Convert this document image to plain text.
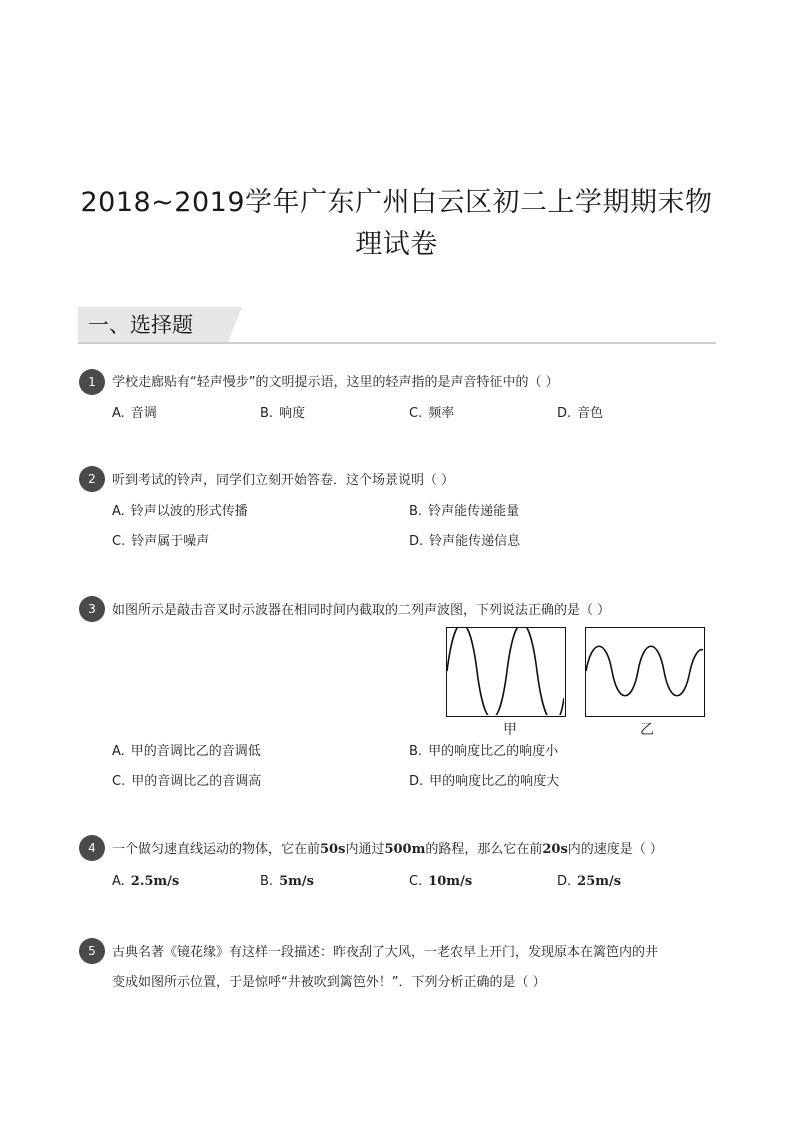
2018~2019学年广东广州白云区初二上学期期末物
理试卷
一、选择题
1	学校走廊贴有“轻声慢步”的文明提示语，这里的轻声指的是声音特征中的（ ）
A. 音调	B. 响度	C. 频率	D. 音色
2	听到考试的铃声，同学们立刻开始答卷．这个场景说明（ ）
A. 铃声以波的形式传播	B. 铃声能传递能量
C. 铃声属于噪声	D. 铃声能传递信息
3	如图所示是敲击音叉时示波器在相同时间内截取的二列声波图，下列说法正确的是（ ）
甲	乙
A. 甲的音调比乙的音调低	B. 甲的响度比乙的响度小
C. 甲的音调比乙的音调高	D. 甲的响度比乙的响度大
4	一个做匀速直线运动的物体，它在前50s内通过500m的路程，那么它在前20s内的速度是（ ）
A. 2.5m/s	B. 5m/s	C. 10m/s	D. 25m/s
5	古典名著《镜花缘》有这样一段描述：昨夜刮了大风，一老农早上开门，发现原本在篱笆内的井
变成如图所示位置，于是惊呼“井被吹到篱笆外！”．下列分析正确的是（ ）
